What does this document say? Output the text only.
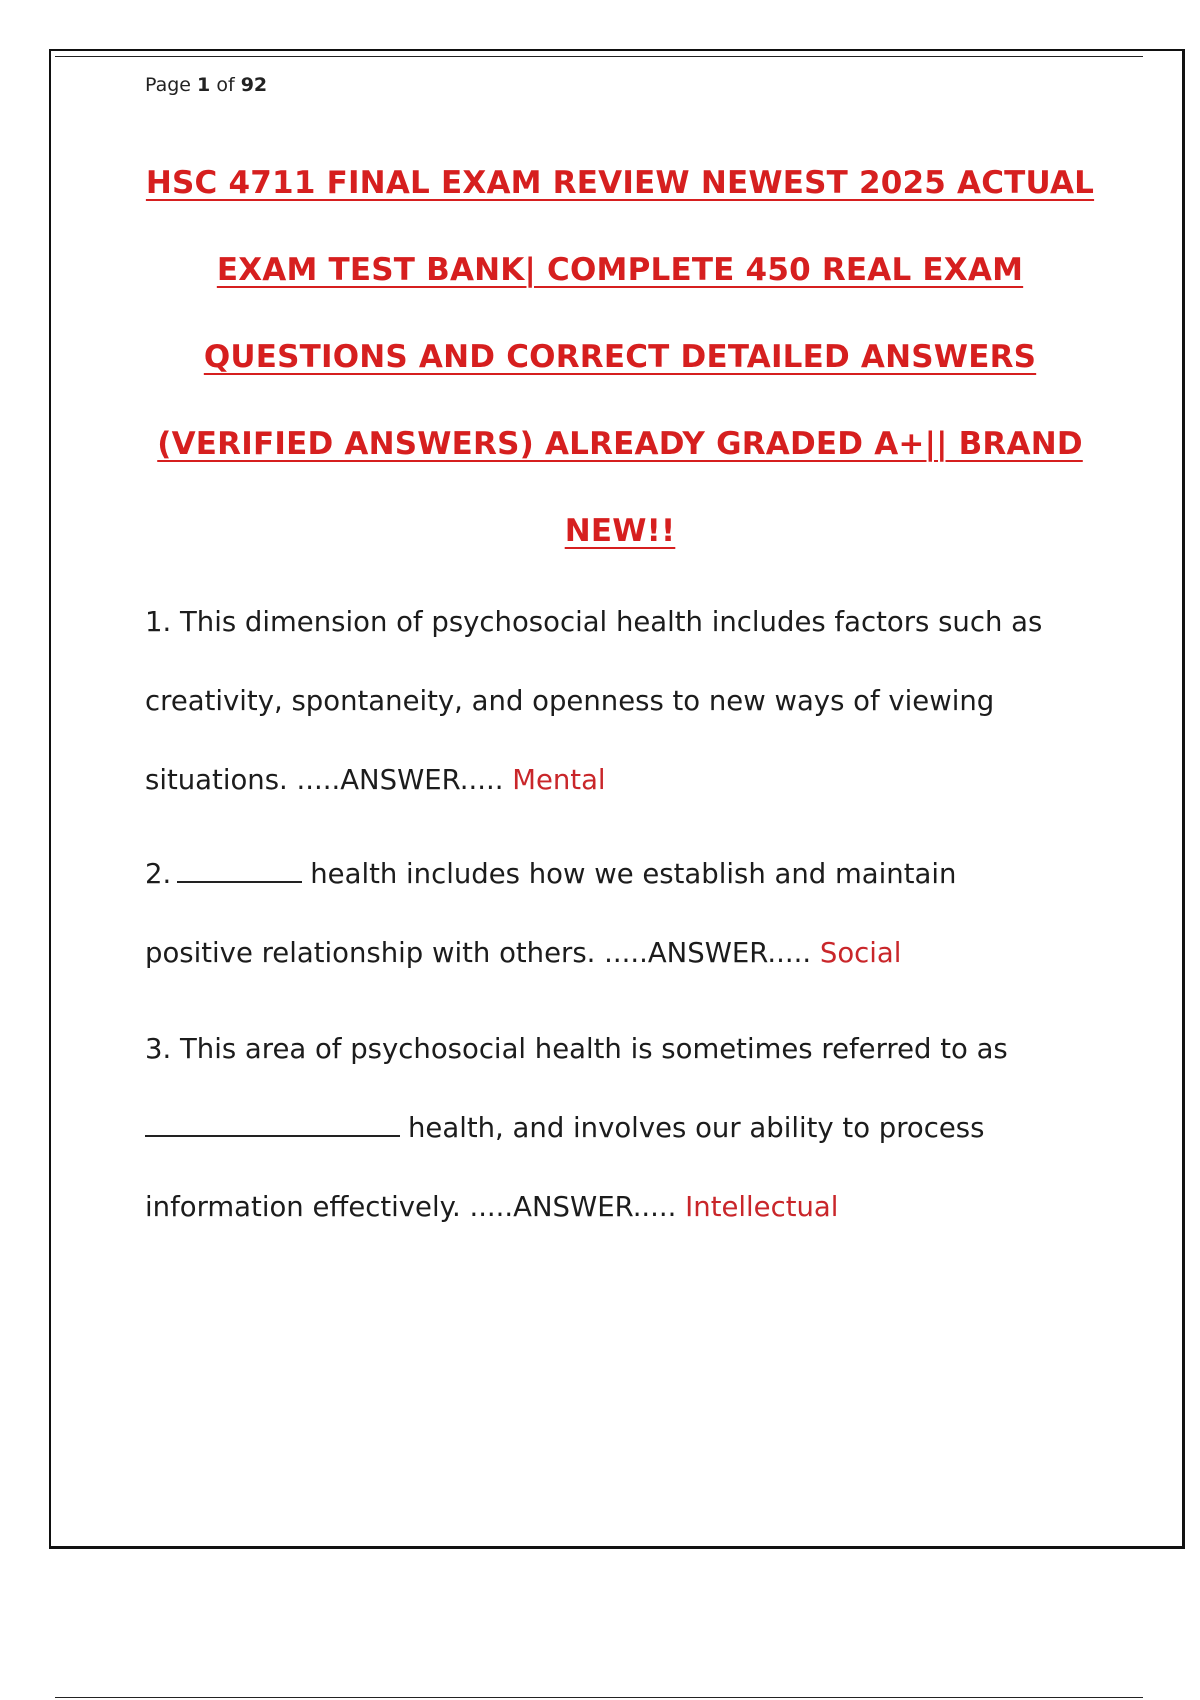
Page 1 of 92
HSC 4711 FINAL EXAM REVIEW NEWEST 2025 ACTUAL
EXAM TEST BANK| COMPLETE 450 REAL EXAM
QUESTIONS AND CORRECT DETAILED ANSWERS
(VERIFIED ANSWERS) ALREADY GRADED A+|| BRAND
NEW!!
1. This dimension of psychosocial health includes factors such as
creativity, spontaneity, and openness to new ways of viewing
situations. .....ANSWER..... Mental
2.	health includes how we establish and maintain
positive relationship with others. .....ANSWER..... Social
3. This area of psychosocial health is sometimes referred to as
health, and involves our ability to process
information effectively. .....ANSWER..... Intellectual
